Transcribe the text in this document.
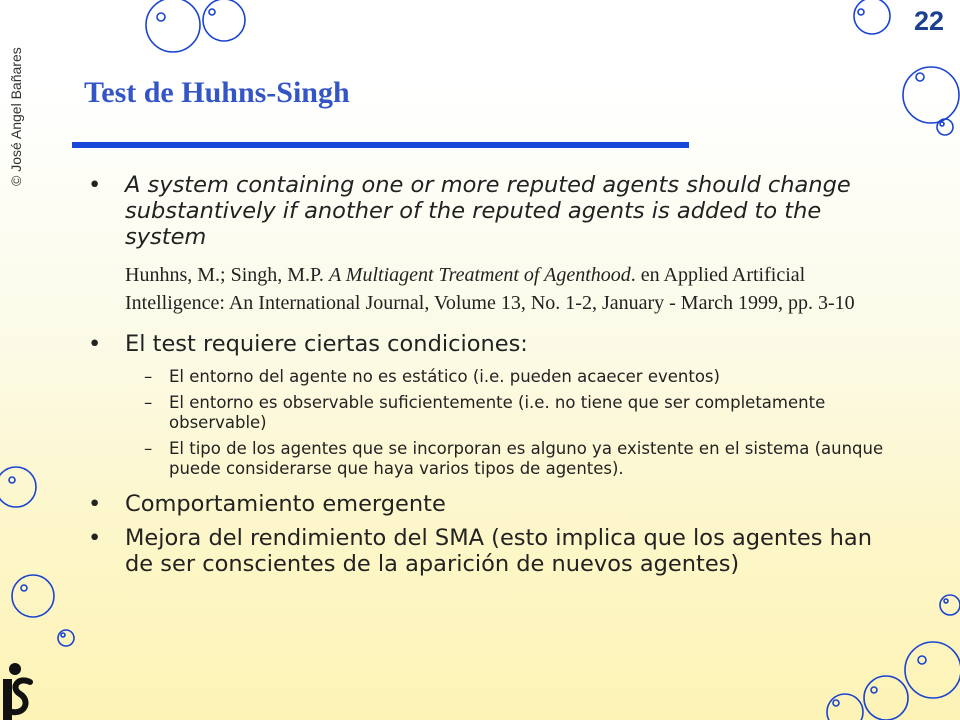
© José Angel Bañares
22
Test de Huhns-Singh
• A system containing one or more reputed agents should change substantively if another of the reputed agents is added to the system
Hunhns, M.; Singh, M.P. A Multiagent Treatment of Agenthood. en Applied Artificial Intelligence: An International Journal, Volume 13, No. 1-2, January - March 1999, pp. 3-10
• El test requiere ciertas condiciones:
– El entorno del agente no es estático (i.e. pueden acaecer eventos)
– El entorno es observable suficientemente (i.e. no tiene que ser completamente observable)
– El tipo de los agentes que se incorporan es alguno ya existente en el sistema (aunque puede considerarse que haya varios tipos de agentes).
• Comportamiento emergente
• Mejora del rendimiento del SMA (esto implica que los agentes han de ser conscientes de la aparición de nuevos agentes)
